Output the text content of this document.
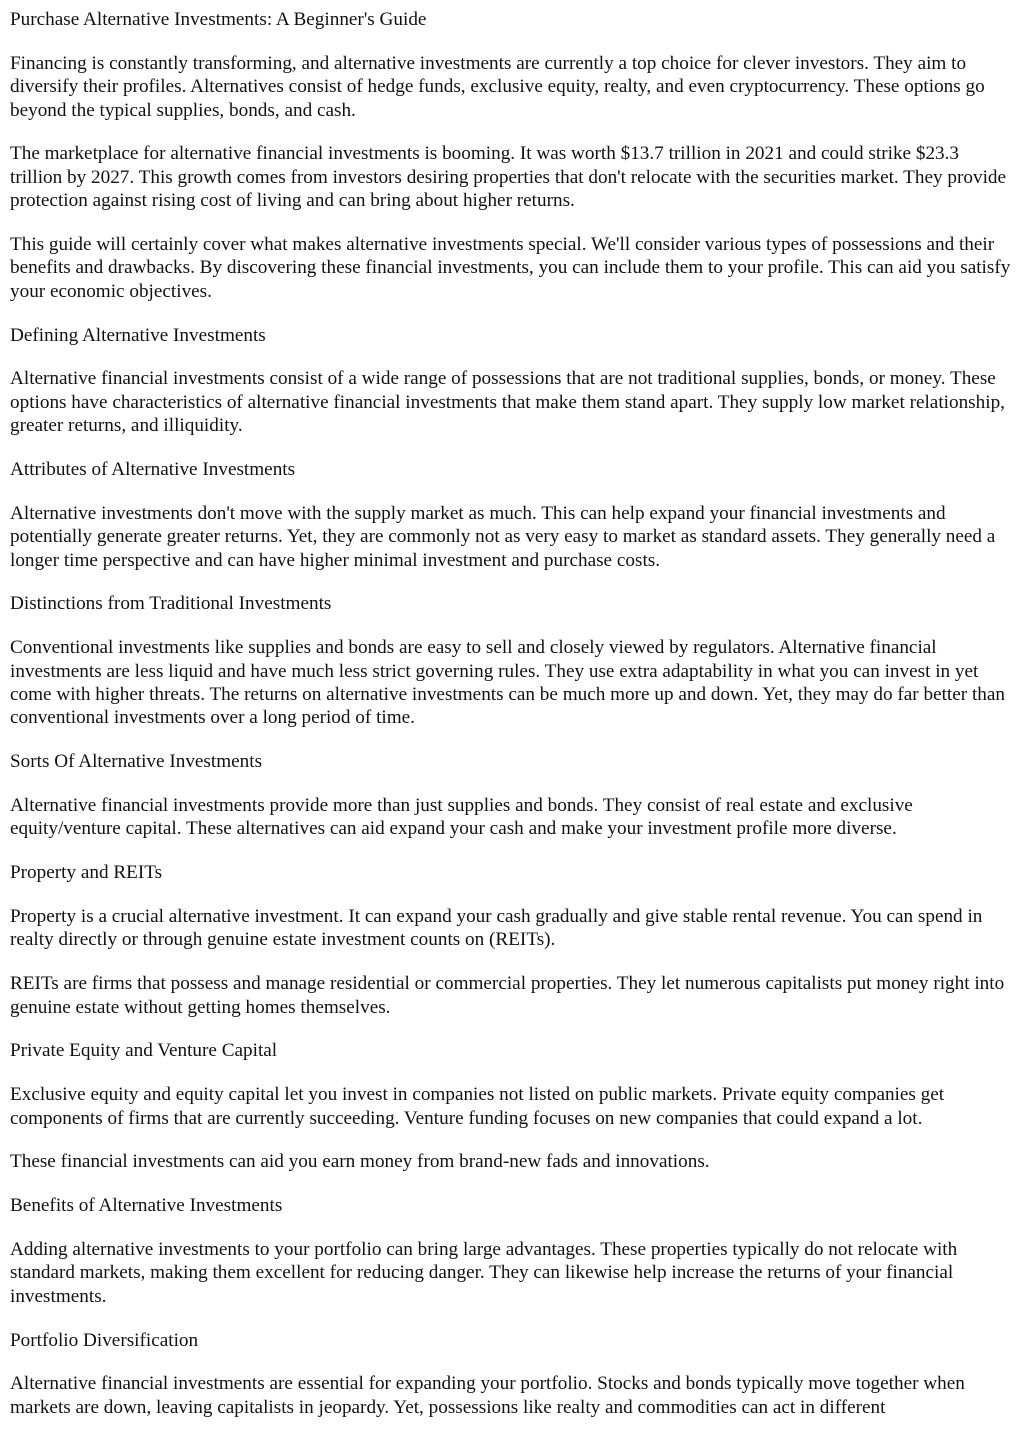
Purchase Alternative Investments: A Beginner's Guide

Financing is constantly transforming, and alternative investments are currently a top choice for clever investors. They aim to diversify their profiles. Alternatives consist of hedge funds, exclusive equity, realty, and even cryptocurrency. These options go beyond the typical supplies, bonds, and cash.

The marketplace for alternative financial investments is booming. It was worth $13.7 trillion in 2021 and could strike $23.3 trillion by 2027. This growth comes from investors desiring properties that don't relocate with the securities market. They provide protection against rising cost of living and can bring about higher returns.

This guide will certainly cover what makes alternative investments special. We'll consider various types of possessions and their benefits and drawbacks. By discovering these financial investments, you can include them to your profile. This can aid you satisfy your economic objectives.

Defining Alternative Investments

Alternative financial investments consist of a wide range of possessions that are not traditional supplies, bonds, or money. These options have characteristics of alternative financial investments that make them stand apart. They supply low market relationship, greater returns, and illiquidity.

Attributes of Alternative Investments

Alternative investments don't move with the supply market as much. This can help expand your financial investments and potentially generate greater returns. Yet, they are commonly not as very easy to market as standard assets. They generally need a longer time perspective and can have higher minimal investment and purchase costs.

Distinctions from Traditional Investments

Conventional investments like supplies and bonds are easy to sell and closely viewed by regulators. Alternative financial investments are less liquid and have much less strict governing rules. They use extra adaptability in what you can invest in yet come with higher threats. The returns on alternative investments can be much more up and down. Yet, they may do far better than conventional investments over a long period of time.

Sorts Of Alternative Investments

Alternative financial investments provide more than just supplies and bonds. They consist of real estate and exclusive equity/venture capital. These alternatives can aid expand your cash and make your investment profile more diverse.

Property and REITs

Property is a crucial alternative investment. It can expand your cash gradually and give stable rental revenue. You can spend in realty directly or through genuine estate investment counts on (REITs).

REITs are firms that possess and manage residential or commercial properties. They let numerous capitalists put money right into genuine estate without getting homes themselves.

Private Equity and Venture Capital

Exclusive equity and equity capital let you invest in companies not listed on public markets. Private equity companies get components of firms that are currently succeeding. Venture funding focuses on new companies that could expand a lot.

These financial investments can aid you earn money from brand-new fads and innovations.

Benefits of Alternative Investments

Adding alternative investments to your portfolio can bring large advantages. These properties typically do not relocate with standard markets, making them excellent for reducing danger. They can likewise help increase the returns of your financial investments.

Portfolio Diversification

Alternative financial investments are essential for expanding your portfolio. Stocks and bonds typically move together when markets are down, leaving capitalists in jeopardy. Yet, possessions like realty and commodities can act in different
